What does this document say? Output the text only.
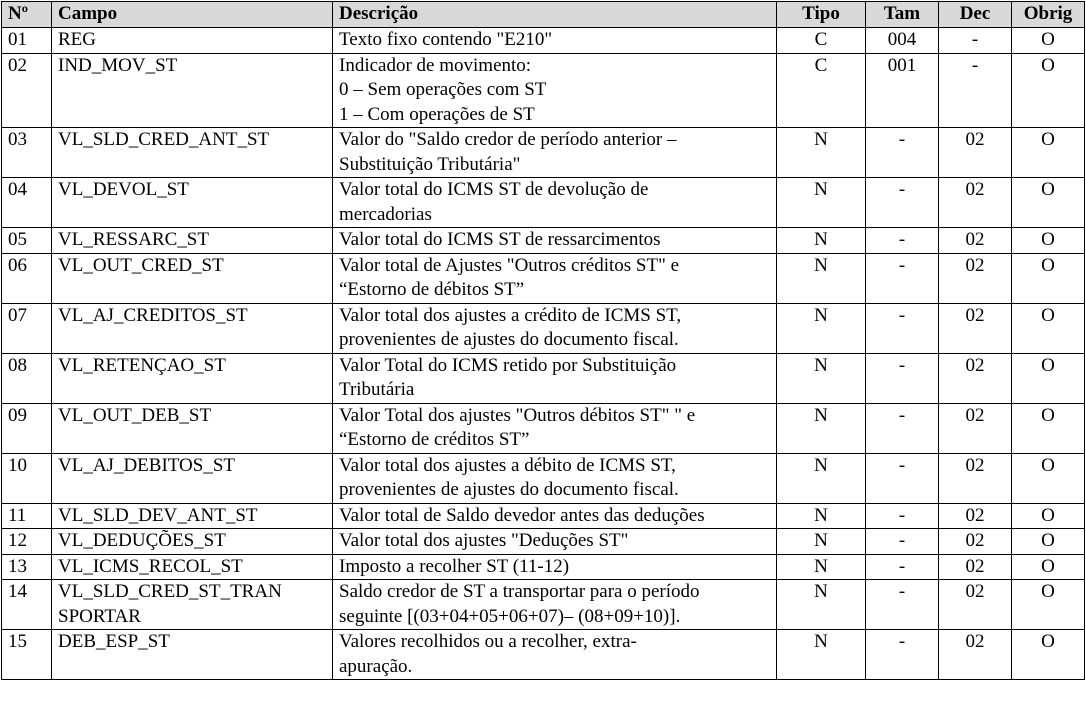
Nº	Campo	Descrição	Tipo	Tam	Dec	Obrig
01	REG	Texto fixo contendo "E210"	C	004	-	O
02	IND_MOV_ST	Indicador de movimento:
0 – Sem operações com ST
1 – Com operações de ST	C	001	-	O
03	VL_SLD_CRED_ANT_ST	Valor do "Saldo credor de período anterior –
Substituição Tributária"	N	-	02	O
04	VL_DEVOL_ST	Valor total do ICMS ST de devolução de
mercadorias	N	-	02	O
05	VL_RESSARC_ST	Valor total do ICMS ST de ressarcimentos	N	-	02	O
06	VL_OUT_CRED_ST	Valor total de Ajustes "Outros créditos ST" e
“Estorno de débitos ST”	N	-	02	O
07	VL_AJ_CREDITOS_ST	Valor total dos ajustes a crédito de ICMS ST,
provenientes de ajustes do documento fiscal.	N	-	02	O
08	VL_RETENÇAO_ST	Valor Total do ICMS retido por Substituição
Tributária	N	-	02	O
09	VL_OUT_DEB_ST	Valor Total dos ajustes "Outros débitos ST" " e
“Estorno de créditos ST”	N	-	02	O
10	VL_AJ_DEBITOS_ST	Valor total dos ajustes a débito de ICMS ST,
provenientes de ajustes do documento fiscal.	N	-	02	O
11	VL_SLD_DEV_ANT_ST	Valor total de Saldo devedor antes das deduções	N	-	02	O
12	VL_DEDUÇÕES_ST	Valor total dos ajustes "Deduções ST"	N	-	02	O
13	VL_ICMS_RECOL_ST	Imposto a recolher ST (11-12)	N	-	02	O
14	VL_SLD_CRED_ST_TRAN
SPORTAR	Saldo credor de ST a transportar para o período
seguinte [(03+04+05+06+07)– (08+09+10)].	N	-	02	O
15	DEB_ESP_ST	Valores recolhidos ou a recolher, extra-
apuração.	N	-	02	O
